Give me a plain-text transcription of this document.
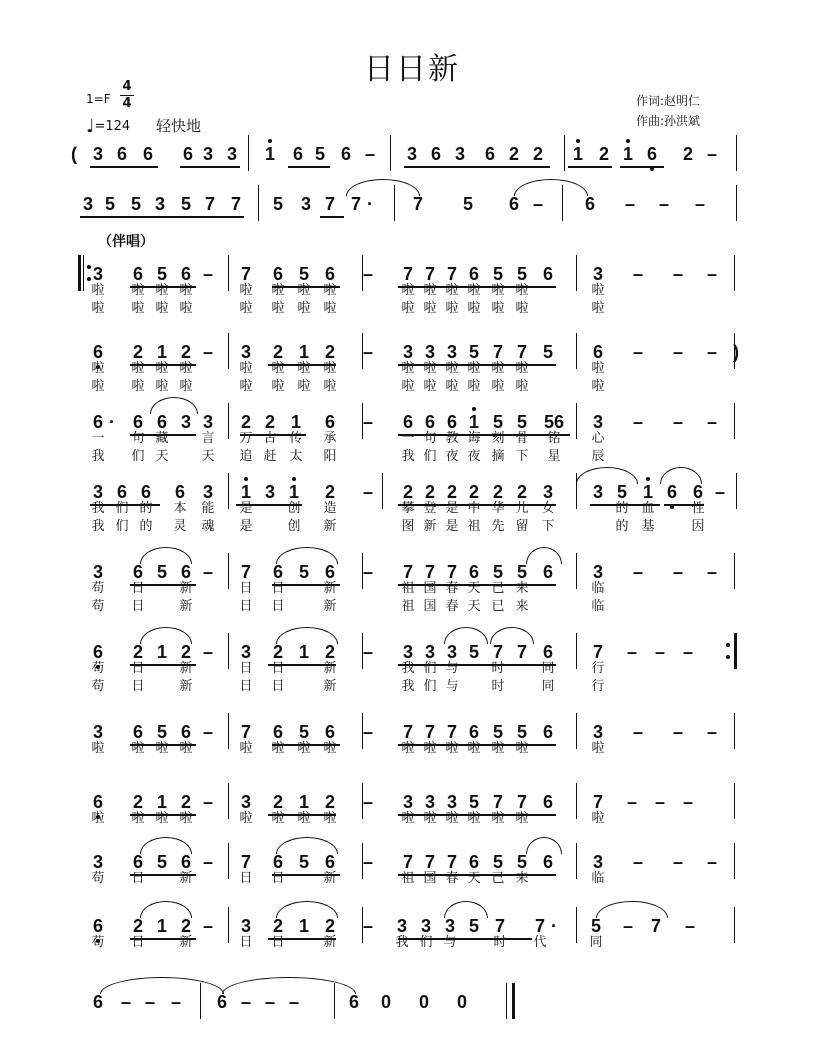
日日新
1=F
4
4
♩=124 轻快地
作词:赵明仁
作曲:孙洪斌
（伴唱）
3 6 6	6 3 3	1 6 5 6 –	3 6 3	6 2 2	1 2 1 6	2 –
(
3 5 5 3 5 7 7	5 3 7 7	7	5	6 –	6	–	–	–
·
3	6 5 6 –	7	6 5 6	–	7 7 7 6 5 5 6	3	–	–	–
啦 啦 啦 啦	啦 啦 啦 啦	啦 啦 啦 啦 啦 啦	啦
啦 啦 啦 啦	啦 啦 啦 啦	啦 啦 啦 啦 啦 啦	啦
6	2 1 2 –	3	2 1 2	–	3 3 3 5 7 7 5	6	–	–	– )
啦 啦 啦 啦	啦 啦 啦 啦	啦 啦 啦 啦 啦 啦	啦
啦 啦 啦 啦	啦 啦 啦 啦	啦 啦 啦 啦 啦 啦	啦
6	6 6 3 3	2 2 1	6	–	6 6 6 1 5 5 56	3	–	–	–
·
一 句 藏	言 万 古 传 承	一 句 教 诲 刻 骨 铭 心
我 们 天	天 追 赶 太 阳	我 们 夜 夜 摘 下 星 辰
3 6 6	6 3	1 3 1	2	–	2 2 2 2 2 2 3	3 5 1 6 6 –
我 们 的 本 能 是	创 造	攀 登 是 中 华 儿 女	的 血	性
我 们 的 灵 魂 是	创 新	图 新 是 祖 先 留 下	的 基	因
3	6 5 6 –	7	6 5 6	–	7 7 7 6 5 5 6	3	–	–	–
苟 日	新	日 日	新	祖 国 春 天 已 来	临
苟 日	新	日 日	新	祖 国 春 天 已 来	临
6	2 1 2 –	3	2 1 2	–	3 3 3 5 7 7 6	7	– – –
苟 日	新	日 日	新	我 们 与	时	同	行
苟 日	新	日 日	新	我 们 与	时	同	行
3	6 5 6 –	7	6 5 6	–	7 7 7 6 5 5 6	3	–	–	–
啦 啦 啦 啦	啦 啦 啦 啦	啦 啦 啦 啦 啦 啦	啦
6	2 1 2 –	3	2 1 2	–	3 3 3 5 7 7 6	7	– – –
啦 啦 啦 啦	啦 啦 啦 啦	啦 啦 啦 啦 啦 啦	啦
3	6 5 6 –	7	6 5 6	–	7 7 7 6 5 5 6	3	–	–	–
苟 日	新	日 日	新	祖 国 春 天 已 来	临
6	2 1 2 –	3	2 1 2	–	3 3 3 5 7	7	5	– 7	–
·
苟 日	新	日 日	新	我 们 与	时 代	同
6 – – –	6 – – –	6	0	0	0
